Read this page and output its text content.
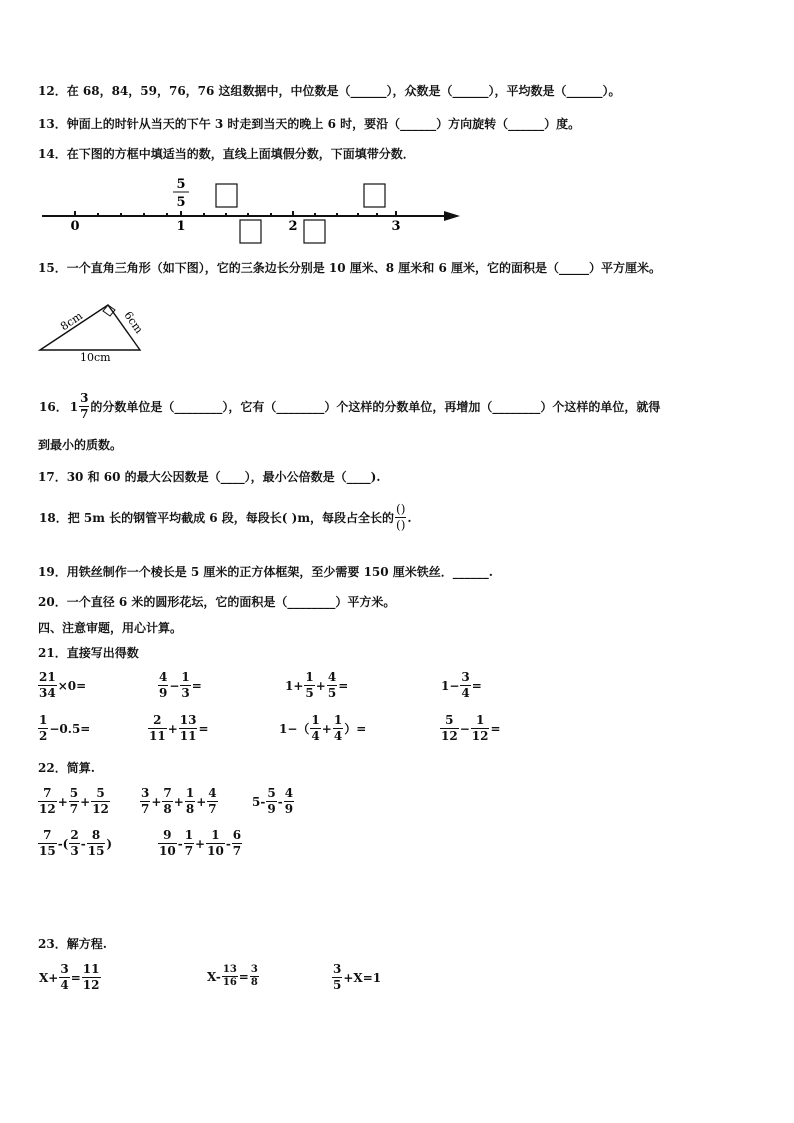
12．在 68，84，59，76，76 这组数据中，中位数是（______），众数是（______），平均数是（______）。
13．钟面上的时针从当天的下午 3 时走到当天的晚上 6 时，要沿（______）方向旋转（______）度。
14．在下图的方框中填适当的数，直线上面填假分数，下面填带分数．
5
5
0	1	2	3
15．一个直角三角形（如下图），它的三条边长分别是 10 厘米、8 厘米和 6 厘米，它的面积是（_____）平方厘米。
8cm	6cm
10cm
16． $1 \frac{3}{7}$ 的分数单位是（________），它有（________）个这样的分数单位，再增加（________）个这样的单位，就得
到最小的质数。
17．30 和 60 的最大公因数是（____），最小公倍数是（____).
18．把 5m 长的钢管平均截成 6 段，每段长( )m，每段占全长的 $\frac{()}{()}$ .
19．用铁丝制作一个棱长是 5 厘米的正方体框架，至少需要 150 厘米铁丝．______.
20．一个直径 6 米的圆形花坛，它的面积是（________）平方米。
四、注意审题，用心计算。
21．直接写出得数
$\frac{21}{34} \times 0=$	$\frac{4}{9} - \frac{1}{3}$ =	$1+ \frac{1}{5} + \frac{4}{5}$ =	$1- \frac{3}{4}$ =
$\frac{1}{2} -0.5=$	$\frac{2}{11} + \frac{13}{11}$ =	$1-( \frac{1}{4} + \frac{1}{4}$ ）=	$\frac{5}{12} - \frac{1}{12}$ =
22．简算.
$\frac{7}{12} + \frac{5}{7} + \frac{5}{12}$	$\frac{3}{7} + \frac{7}{8} + \frac{1}{8} + \frac{4}{7}$	$5- \frac{5}{9} - \frac{4}{9}$
$\frac{7}{15}$ -( $\frac{2}{3} - \frac{8}{15}$ )	$\frac{9}{10} - \frac{1}{7} + \frac{1}{10} - \frac{6}{7}$
23．解方程.
$X+ \frac{3}{4} = \frac{11}{12}$	$X- \frac{13}{16} = \frac{3}{8}$	$\frac{3}{5} +X=1$
